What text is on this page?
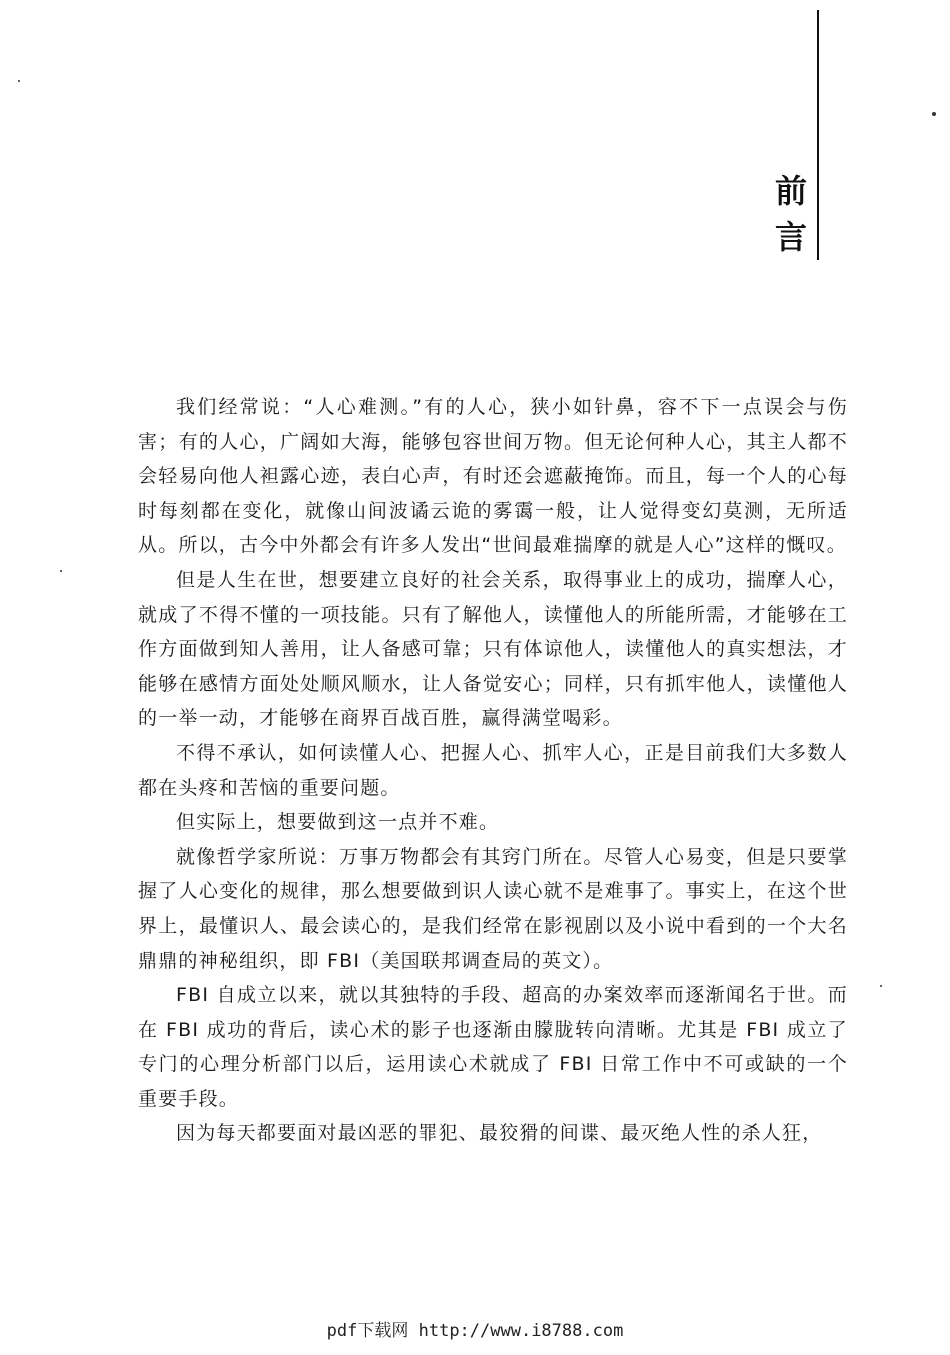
前
言

我们经常说：“人心难测。”有的人心，狭小如针鼻，容不下一点误会与伤害；有的人心，广阔如大海，能够包容世间万物。但无论何种人心，其主人都不会轻易向他人袒露心迹，表白心声，有时还会遮蔽掩饰。而且，每一个人的心每时每刻都在变化，就像山间波谲云诡的雾霭一般，让人觉得变幻莫测，无所适从。所以，古今中外都会有许多人发出“世间最难揣摩的就是人心”这样的慨叹。

但是人生在世，想要建立良好的社会关系，取得事业上的成功，揣摩人心，就成了不得不懂的一项技能。只有了解他人，读懂他人的所能所需，才能够在工作方面做到知人善用，让人备感可靠；只有体谅他人，读懂他人的真实想法，才能够在感情方面处处顺风顺水，让人备觉安心；同样，只有抓牢他人，读懂他人的一举一动，才能够在商界百战百胜，赢得满堂喝彩。

不得不承认，如何读懂人心、把握人心、抓牢人心，正是目前我们大多数人都在头疼和苦恼的重要问题。

但实际上，想要做到这一点并不难。

就像哲学家所说：万事万物都会有其窍门所在。尽管人心易变，但是只要掌握了人心变化的规律，那么想要做到识人读心就不是难事了。事实上，在这个世界上，最懂识人、最会读心的，是我们经常在影视剧以及小说中看到的一个大名鼎鼎的神秘组织，即 FBI（美国联邦调查局的英文）。

FBI 自成立以来，就以其独特的手段、超高的办案效率而逐渐闻名于世。而在 FBI 成功的背后，读心术的影子也逐渐由朦胧转向清晰。尤其是 FBI 成立了专门的心理分析部门以后，运用读心术就成了 FBI 日常工作中不可或缺的一个重要手段。

因为每天都要面对最凶恶的罪犯、最狡猾的间谍、最灭绝人性的杀人狂，

pdf下载网 http://www.i8788.com
